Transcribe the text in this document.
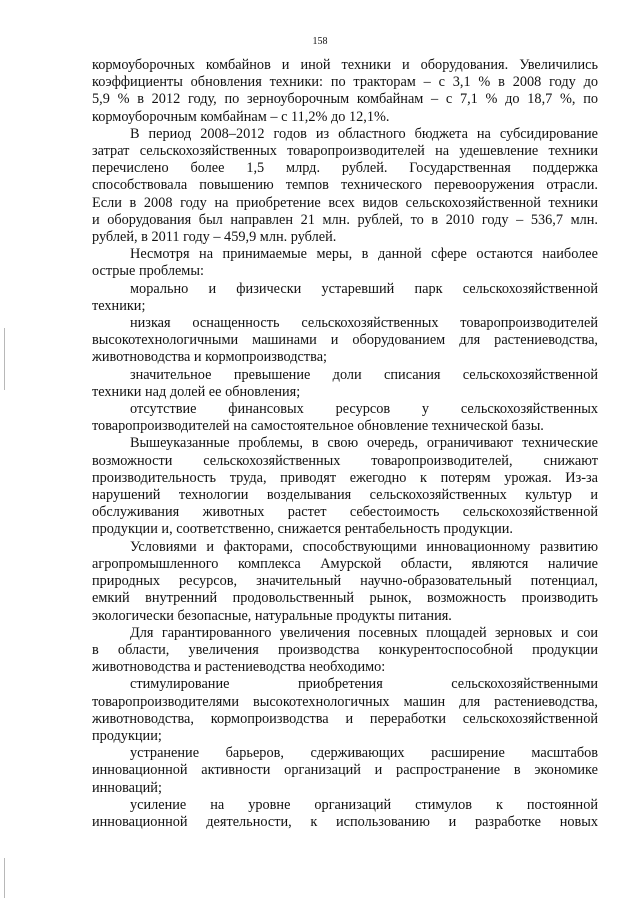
158

кормоуборочных комбайнов и иной техники и оборудования. Увеличились

коэффициенты обновления техники: по тракторам – с 3,1 % в 2008 году до

5,9 % в 2012 году, по зерноуборочным комбайнам – с 7,1 % до 18,7 %, по

кормоуборочным комбайнам – с 11,2% до 12,1%.

В период 2008–2012 годов из областного бюджета на субсидирование

затрат сельскохозяйственных товаропроизводителей на удешевление техники

перечислено более 1,5 млрд. рублей. Государственная поддержка

способствовала повышению темпов технического перевооружения отрасли.

Если в 2008 году на приобретение всех видов сельскохозяйственной техники

и оборудования был направлен 21 млн. рублей, то в 2010 году – 536,7 млн.

рублей, в 2011 году – 459,9 млн. рублей.

Несмотря на принимаемые меры, в данной сфере остаются наиболее

острые проблемы:

морально и физически устаревший парк сельскохозяйственной

техники;

низкая оснащенность сельскохозяйственных товаропроизводителей

высокотехнологичными машинами и оборудованием для растениеводства,

животноводства и кормопроизводства;

значительное превышение доли списания сельскохозяйственной

техники над долей ее обновления;

отсутствие финансовых ресурсов у сельскохозяйственных

товаропроизводителей на самостоятельное обновление технической базы.

Вышеуказанные проблемы, в свою очередь, ограничивают технические

возможности сельскохозяйственных товаропроизводителей, снижают

производительность труда, приводят ежегодно к потерям урожая. Из-за

нарушений технологии возделывания сельскохозяйственных культур и

обслуживания животных растет себестоимость сельскохозяйственной

продукции и, соответственно, снижается рентабельность продукции.

Условиями и факторами, способствующими инновационному развитию

агропромышленного комплекса Амурской области, являются наличие

природных ресурсов, значительный научно-образовательный потенциал,

емкий внутренний продовольственный рынок, возможность производить

экологически безопасные, натуральные продукты питания.

Для гарантированного увеличения посевных площадей зерновых и сои

в области, увеличения производства конкурентоспособной продукции

животноводства и растениеводства необходимо:

стимулирование приобретения сельскохозяйственными

товаропроизводителями высокотехнологичных машин для растениеводства,

животноводства, кормопроизводства и переработки сельскохозяйственной

продукции;

устранение барьеров, сдерживающих расширение масштабов

инновационной активности организаций и распространение в экономике

инноваций;

усиление на уровне организаций стимулов к постоянной

инновационной деятельности, к использованию и разработке новых
